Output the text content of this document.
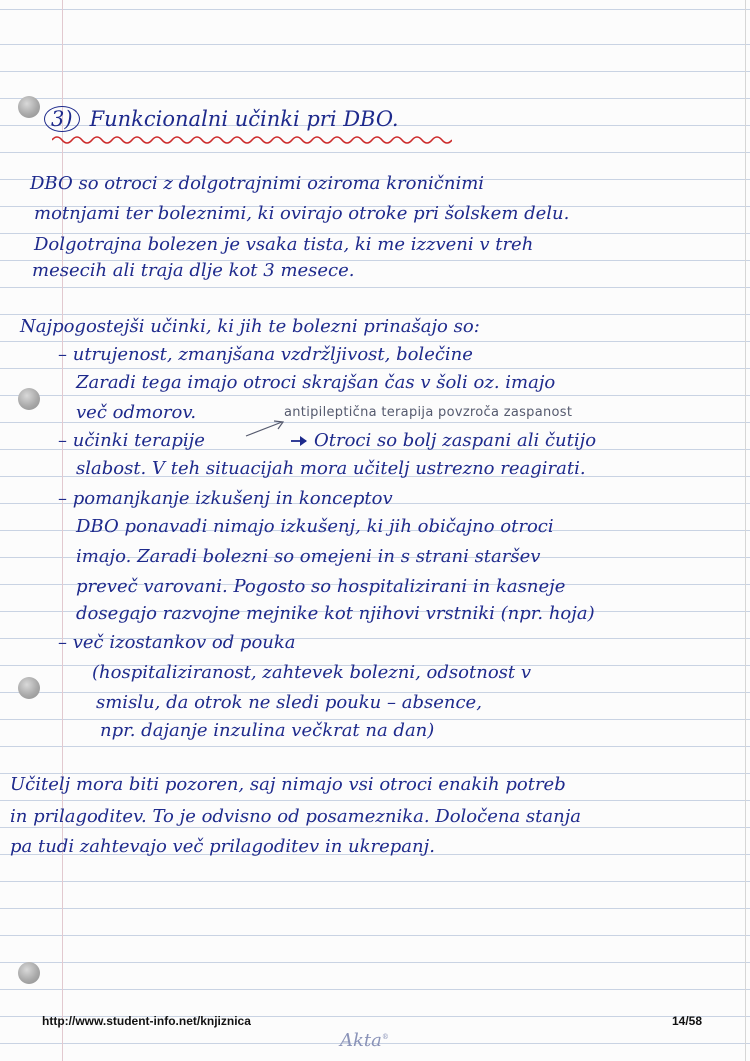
3) Funkcionalni učinki pri DBO.
DBO so otroci z dolgotrajnimi oziroma kroničnimi
motnjami ter boleznimi, ki ovirajo otroke pri šolskem delu.
Dolgotrajna bolezen je vsaka tista, ki me izzveni v treh
mesecih ali traja dlje kot 3 mesece.
Najpogostejši učinki, ki jih te bolezni prinašajo so:
– utrujenost, zmanjšana vzdržljivost, bolečine
Zaradi tega imajo otroci skrajšan čas v šoli oz. imajo
več odmorov.	antipileptična terapija povzroča zaspanost
– učinki terapije	Otroci so bolj zaspani ali čutijo
slabost. V teh situacijah mora učitelj ustrezno reagirati.
– pomanjkanje izkušenj in konceptov
DBO ponavadi nimajo izkušenj, ki jih običajno otroci
imajo. Zaradi bolezni so omejeni in s strani staršev
preveč varovani. Pogosto so hospitalizirani in kasneje
dosegajo razvojne mejnike kot njihovi vrstniki (npr. hoja)
– več izostankov od pouka
(hospitaliziranost, zahtevek bolezni, odsotnost v
smislu, da otrok ne sledi pouku – absence,
npr. dajanje inzulina večkrat na dan)
Učitelj mora biti pozoren, saj nimajo vsi otroci enakih potreb
in prilagoditev. To je odvisno od posameznika. Določena stanja
pa tudi zahtevajo več prilagoditev in ukrepanj.
http://www.student-info.net/knjiznica	14/58
Akta®
